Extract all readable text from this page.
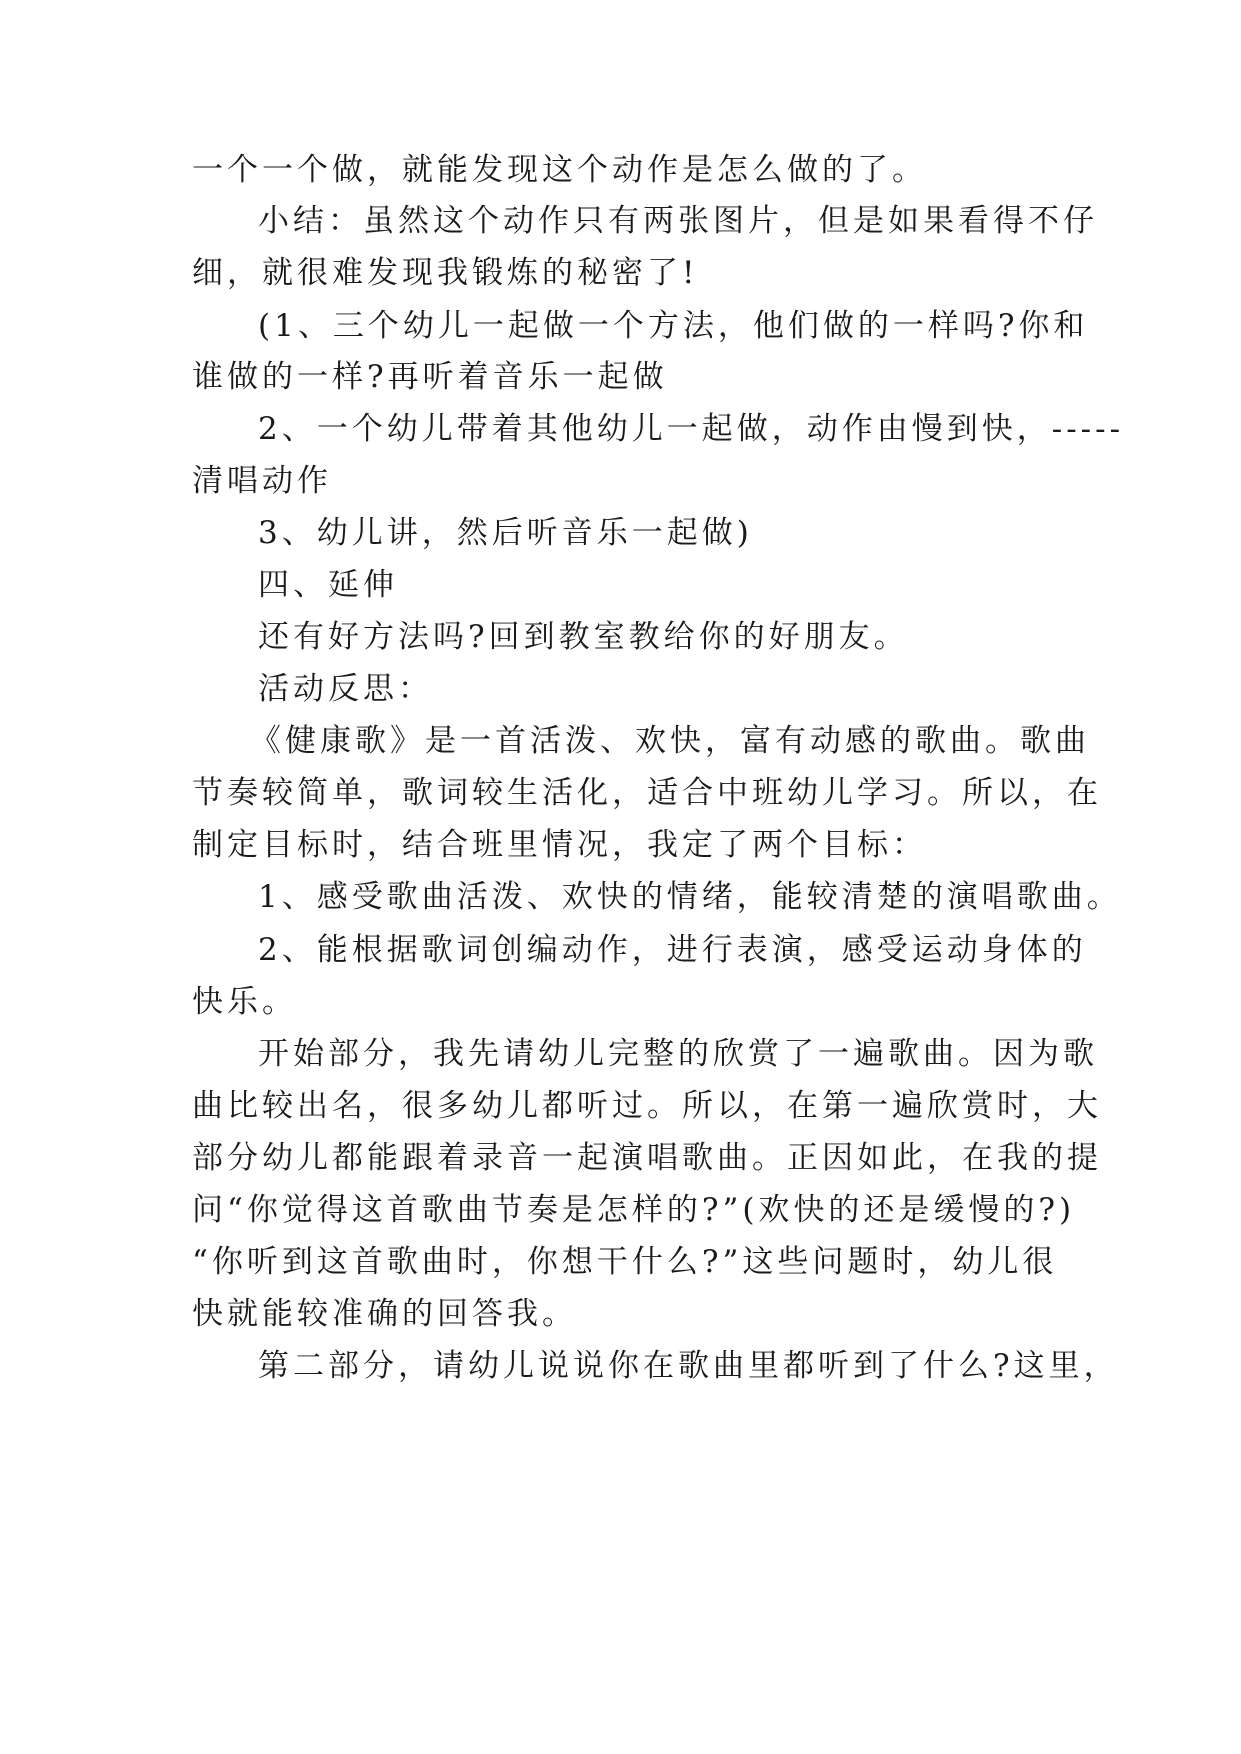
一个一个做，就能发现这个动作是怎么做的了。
小结：虽然这个动作只有两张图片，但是如果看得不仔
细，就很难发现我锻炼的秘密了!
(1、三个幼儿一起做一个方法，他们做的一样吗?你和
谁做的一样?再听着音乐一起做
2、一个幼儿带着其他幼儿一起做，动作由慢到快，-----
清唱动作
3、幼儿讲，然后听音乐一起做)
四、延伸
还有好方法吗?回到教室教给你的好朋友。
活动反思：
《健康歌》是一首活泼、欢快，富有动感的歌曲。歌曲
节奏较简单，歌词较生活化，适合中班幼儿学习。所以，在
制定目标时，结合班里情况，我定了两个目标：
1、感受歌曲活泼、欢快的情绪，能较清楚的演唱歌曲。
2、能根据歌词创编动作，进行表演，感受运动身体的
快乐。
开始部分，我先请幼儿完整的欣赏了一遍歌曲。因为歌
曲比较出名，很多幼儿都听过。所以，在第一遍欣赏时，大
部分幼儿都能跟着录音一起演唱歌曲。正因如此，在我的提
问“你觉得这首歌曲节奏是怎样的?”(欢快的还是缓慢的?)
“你听到这首歌曲时，你想干什么?”这些问题时，幼儿很
快就能较准确的回答我。
第二部分，请幼儿说说你在歌曲里都听到了什么?这里，
